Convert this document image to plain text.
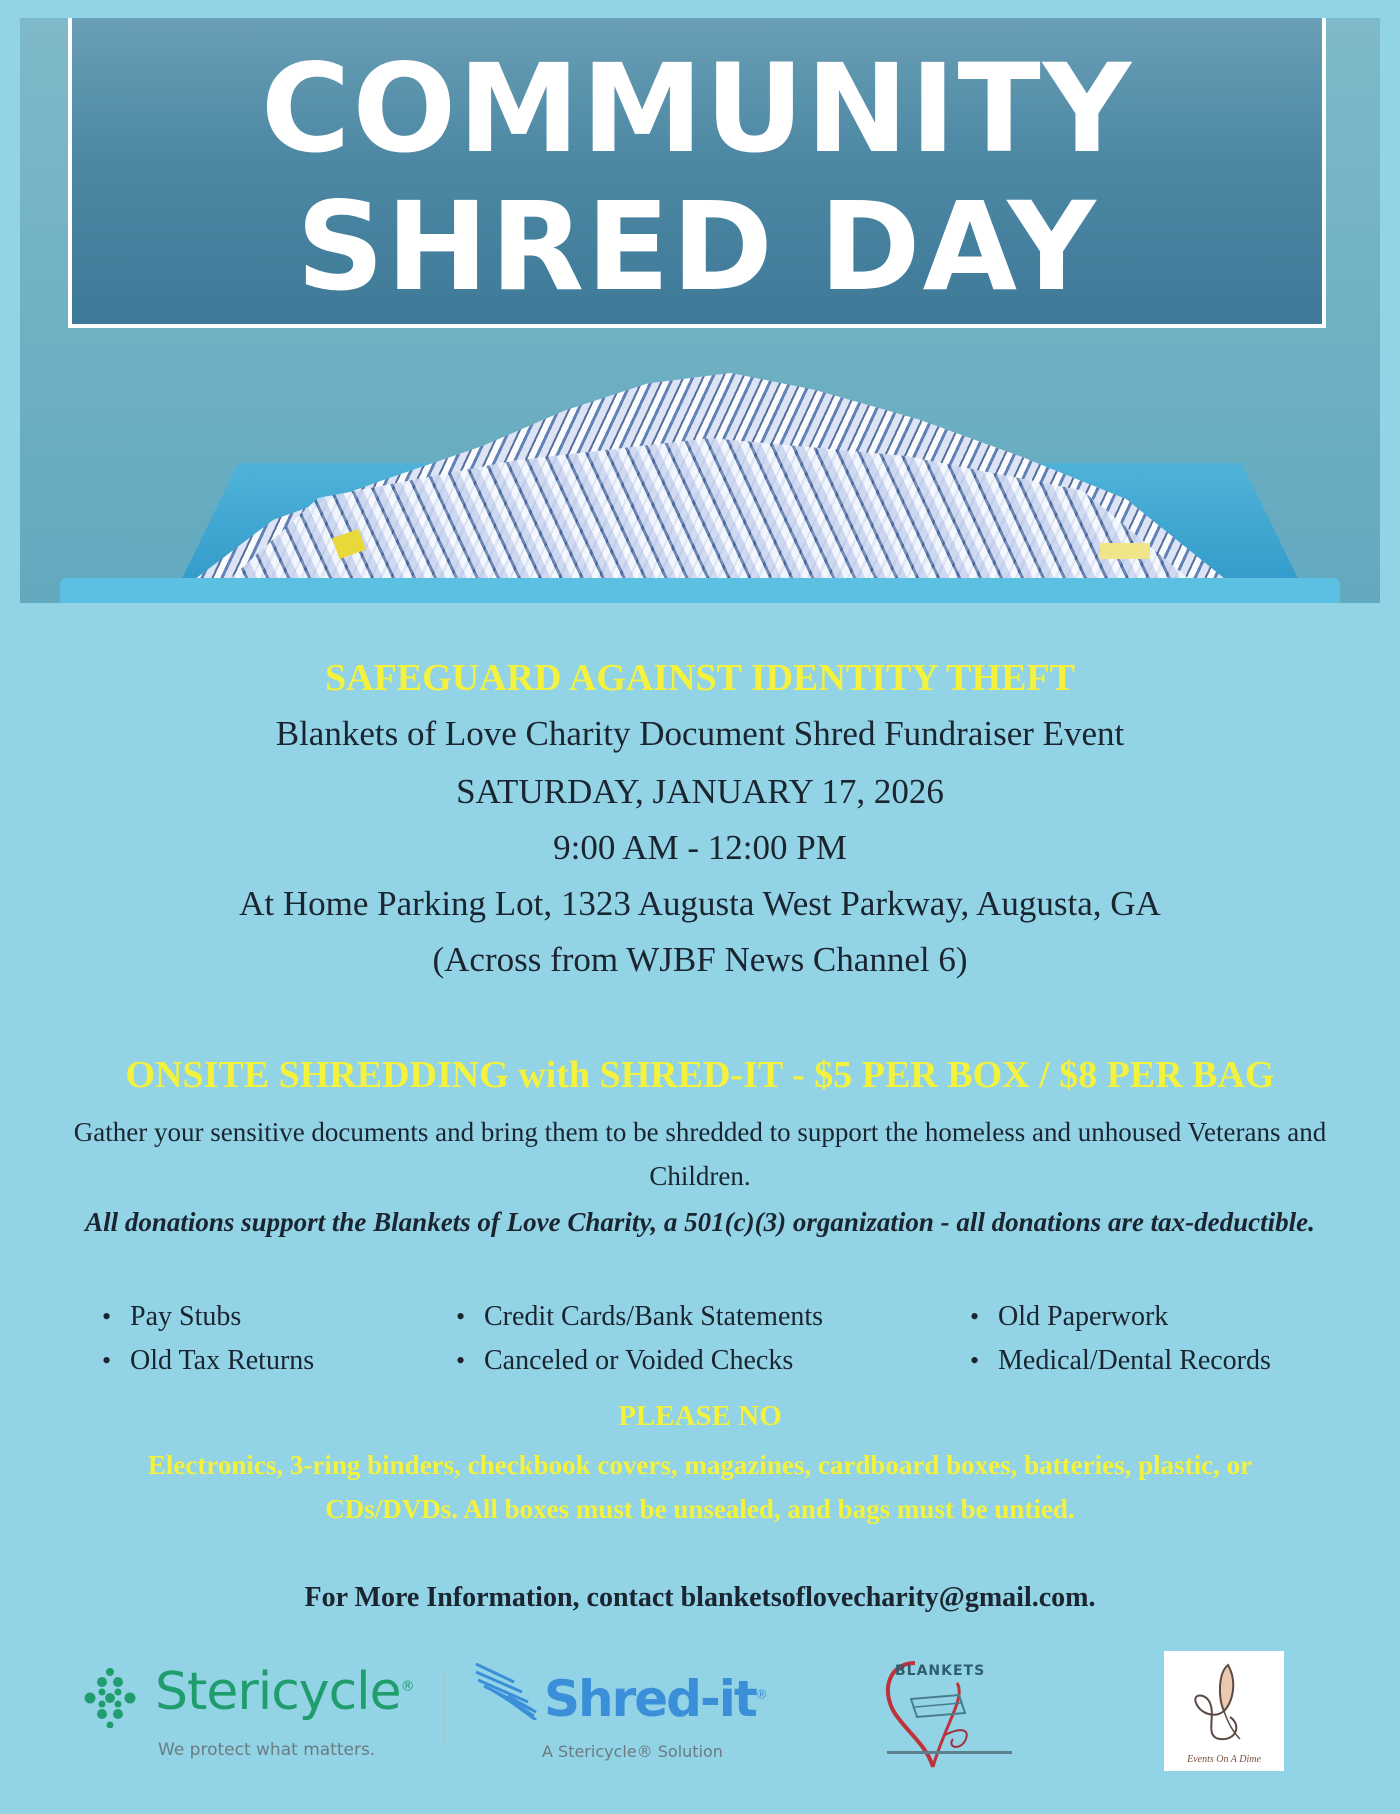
COMMUNITY
SHRED DAY
SAFEGUARD AGAINST IDENTITY THEFT
Blankets of Love Charity Document Shred Fundraiser Event
SATURDAY, JANUARY 17, 2026
9:00 AM - 12:00 PM
At Home Parking Lot, 1323 Augusta West Parkway, Augusta, GA
(Across from WJBF News Channel 6)
ONSITE SHREDDING with SHRED-IT - $5 PER BOX / $8 PER BAG
Gather your sensitive documents and bring them to be shredded to support the homeless and unhoused Veterans and Children.
All donations support the Blankets of Love Charity, a 501(c)(3) organization - all donations are tax-deductible.
• Pay Stubs
• Old Tax Returns
• Credit Cards/Bank Statements
• Canceled or Voided Checks
• Old Paperwork
• Medical/Dental Records
PLEASE NO
Electronics, 3-ring binders, checkbook covers, magazines, cardboard boxes, batteries, plastic, or CDs/DVDs. All boxes must be unsealed, and bags must be untied.
For More Information, contact blanketsoflovecharity@gmail.com.
Stericycle®
We protect what matters.
Shred-it®
A Stericycle® Solution
BLANKETS
Events On A Dime
